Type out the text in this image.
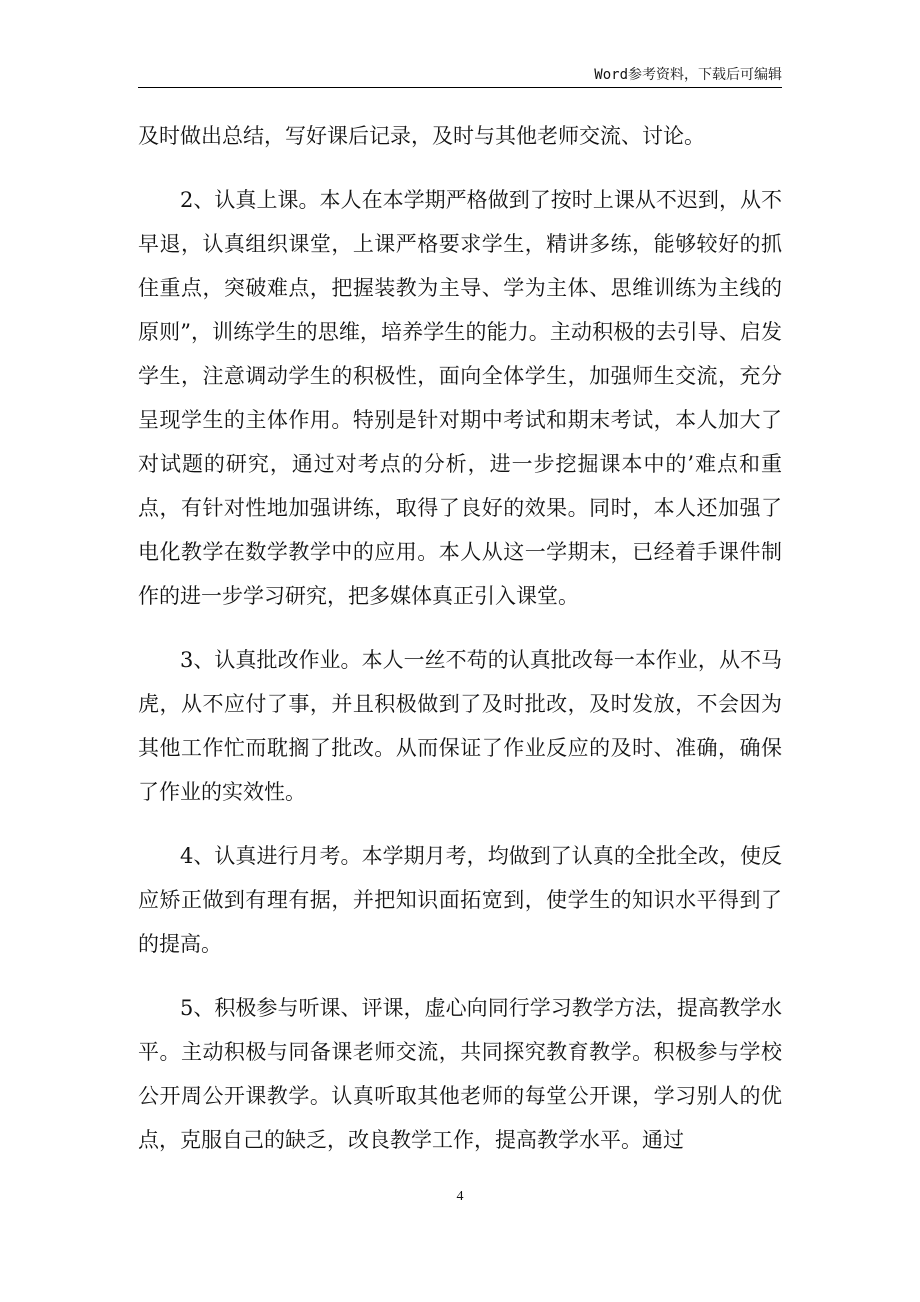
Word参考资料，下载后可编辑

及时做出总结，写好课后记录，及时与其他老师交流、讨论。

2、认真上课。本人在本学期严格做到了按时上课从不迟到，从不早退，认真组织课堂，上课严格要求学生，精讲多练，能够较好的抓住重点，突破难点，把握装教为主导、学为主体、思维训练为主线的原则”，训练学生的思维，培养学生的能力。主动积极的去引导、启发学生，注意调动学生的积极性，面向全体学生，加强师生交流，充分呈现学生的主体作用。特别是针对期中考试和期末考试，本人加大了对试题的研究，通过对考点的分析，进一步挖掘课本中的’难点和重点，有针对性地加强讲练，取得了良好的效果。同时，本人还加强了电化教学在数学教学中的应用。本人从这一学期末，已经着手课件制作的进一步学习研究，把多媒体真正引入课堂。

3、认真批改作业。本人一丝不苟的认真批改每一本作业，从不马虎，从不应付了事，并且积极做到了及时批改，及时发放，不会因为其他工作忙而耽搁了批改。从而保证了作业反应的及时、准确，确保了作业的实效性。

4、认真进行月考。本学期月考，均做到了认真的全批全改，使反应矫正做到有理有据，并把知识面拓宽到，使学生的知识水平得到了的提高。

5、积极参与听课、评课，虚心向同行学习教学方法，提高教学水平。主动积极与同备课老师交流，共同探究教育教学。积极参与学校公开周公开课教学。认真听取其他老师的每堂公开课，学习别人的优点，克服自己的缺乏，改良教学工作，提高教学水平。通过

4
